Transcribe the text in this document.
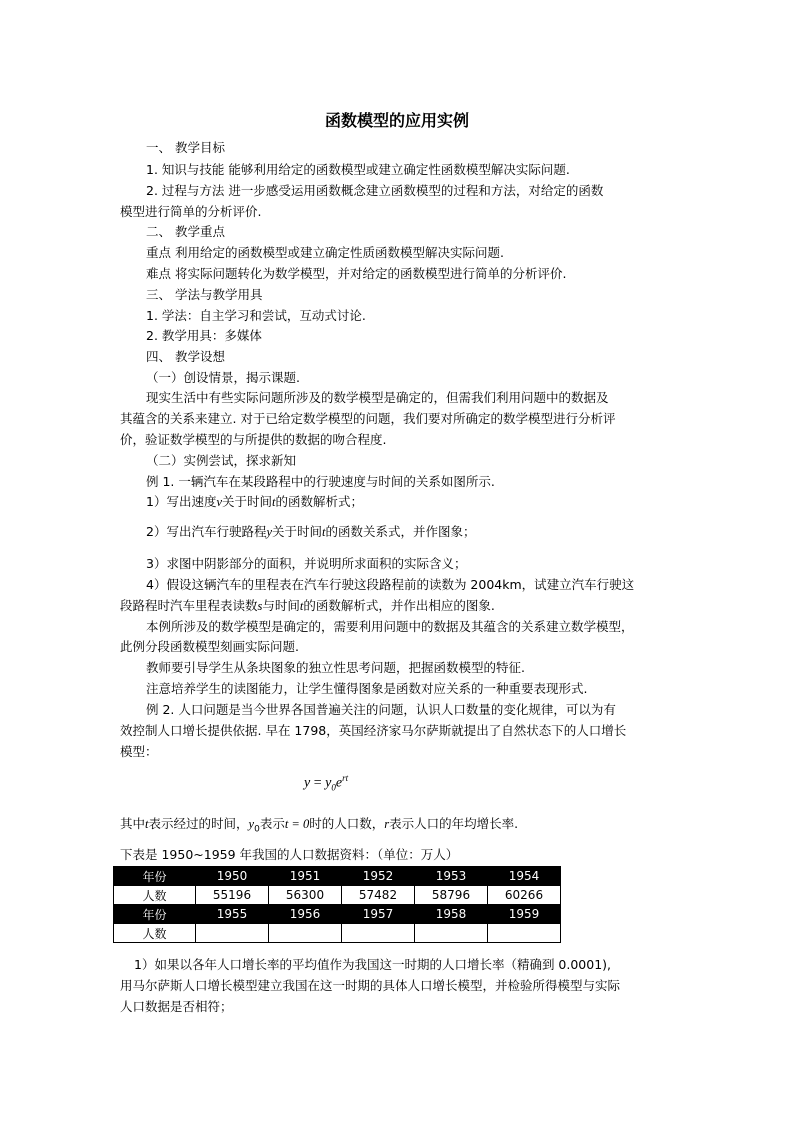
函数模型的应用实例
一、 教学目标
1. 知识与技能 能够利用给定的函数模型或建立确定性函数模型解决实际问题.
2. 过程与方法 进一步感受运用函数概念建立函数模型的过程和方法，对给定的函数
模型进行简单的分析评价.
二、 教学重点
重点 利用给定的函数模型或建立确定性质函数模型解决实际问题.
难点 将实际问题转化为数学模型，并对给定的函数模型进行简单的分析评价.
三、 学法与教学用具
1. 学法：自主学习和尝试，互动式讨论.
2. 教学用具：多媒体
四、 教学设想
（一）创设情景，揭示课题.
现实生活中有些实际问题所涉及的数学模型是确定的，但需我们利用问题中的数据及
其蕴含的关系来建立. 对于已给定数学模型的问题，我们要对所确定的数学模型进行分析评
价，验证数学模型的与所提供的数据的吻合程度.
（二）实例尝试，探求新知
例 1. 一辆汽车在某段路程中的行驶速度与时间的关系如图所示.
1）写出速度v关于时间t的函数解析式；
2）写出汽车行驶路程y关于时间t的函数关系式，并作图象；
3）求图中阴影部分的面积，并说明所求面积的实际含义；
4）假设这辆汽车的里程表在汽车行驶这段路程前的读数为 2004km，试建立汽车行驶这
段路程时汽车里程表读数s与时间t的函数解析式，并作出相应的图象.
本例所涉及的数学模型是确定的，需要利用问题中的数据及其蕴含的关系建立数学模型，
此例分段函数模型刻画实际问题.
教师要引导学生从条块图象的独立性思考问题，把握函数模型的特征.
注意培养学生的读图能力，让学生懂得图象是函数对应关系的一种重要表现形式.
例 2. 人口问题是当今世界各国普遍关注的问题，认识人口数量的变化规律，可以为有
效控制人口增长提供依据. 早在 1798，英国经济家马尔萨斯就提出了自然状态下的人口增长
模型：
$y = y_0e^{rt}$
其中t表示经过的时间，$y_0$表示t = 0时的人口数，r表示人口的年均增长率.
下表是 1950~1959 年我国的人口数据资料：（单位：万人）
年份	1950	1951	1952	1953	1954
人数	55196	56300	57482	58796	60266
年份	1955	1956	1957	1958	1959
人数					
1）如果以各年人口增长率的平均值作为我国这一时期的人口增长率（精确到 0.0001),
用马尔萨斯人口增长模型建立我国在这一时期的具体人口增长模型，并检验所得模型与实际
人口数据是否相符；
